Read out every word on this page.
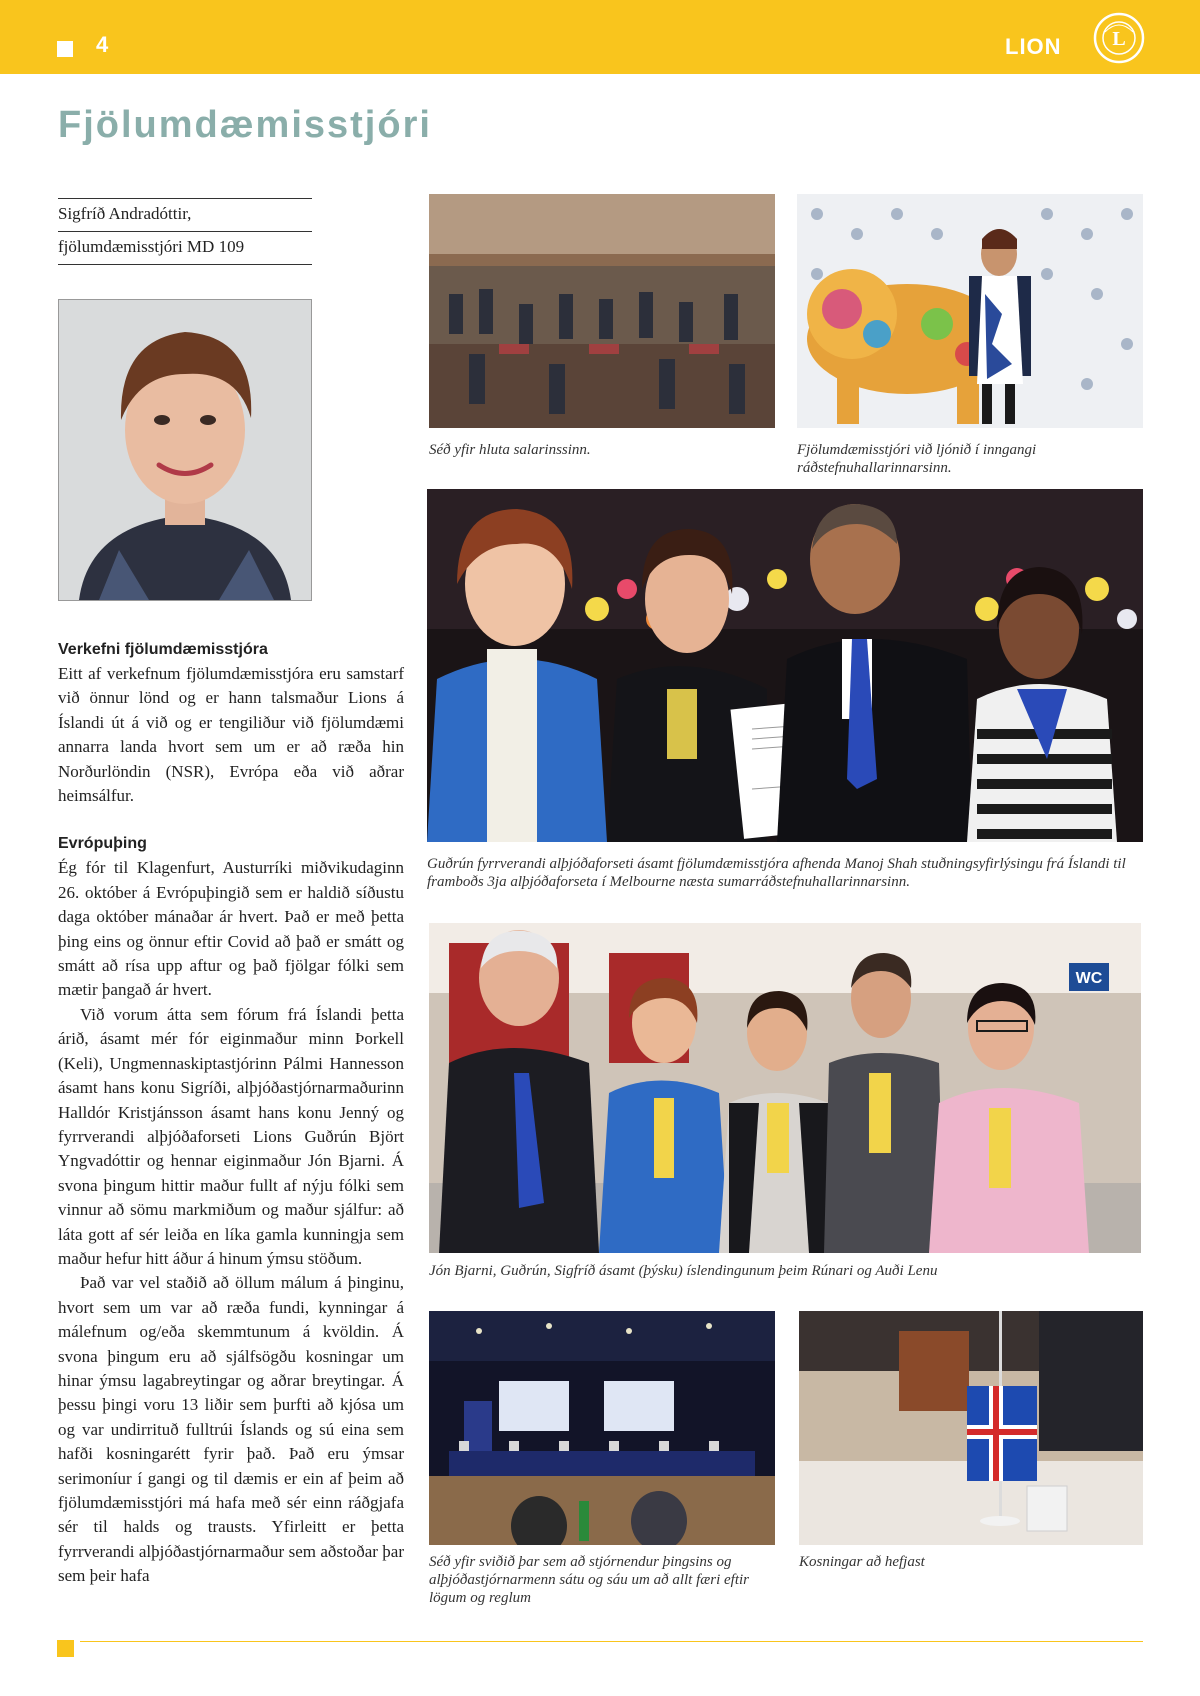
4	LION	L
Fjölumdæmisstjóri
Sigfríð Andradóttir,
fjölumdæmisstjóri MD 109
Verkefni fjölumdæmisstjóra

Eitt af verkefnum fjölumdæmisstjóra eru samstarf við önnur lönd og er hann talsmaður Lions á Íslandi út á við og er tengiliður við fjölumdæmi annarra landa hvort sem um er að ræða hin Norðurlöndin (NSR), Evrópa eða við aðrar heimsálfur.

Evrópuþing

Ég fór til Klagenfurt, Austurríki miðvikudaginn 26. október á Evrópuþingið sem er haldið síðustu daga október mánaðar ár hvert. Það er með þetta þing eins og önnur eftir Covid að það er smátt og smátt að rísa upp aftur og það fjölgar fólki sem mætir þangað ár hvert.

Við vorum átta sem fórum frá Íslandi þetta árið, ásamt mér fór eiginmaður minn Þorkell (Keli), Ungmennaskiptastjórinn Pálmi Hannesson ásamt hans konu Sigríði, alþjóðastjórnarmaðurinn Halldór Kristjánsson ásamt hans konu Jenný og fyrrverandi alþjóðaforseti Lions Guðrún Björt Yngvadóttir og hennar eiginmaður Jón Bjarni. Á svona þingum hittir maður fullt af nýju fólki sem vinnur að sömu markmiðum og maður sjálfur: að láta gott af sér leiða en líka gamla kunningja sem maður hefur hitt áður á hinum ýmsu stöðum.

Það var vel staðið að öllum málum á þinginu, hvort sem um var að ræða fundi, kynningar á málefnum og/eða skemmtunum á kvöldin. Á svona þingum eru að sjálfsögðu kosningar um hinar ýmsu lagabreytingar og aðrar breytingar. Á þessu þingi voru 13 liðir sem þurfti að kjósa um og var undirrituð fulltrúi Íslands og sú eina sem hafði kosningarétt fyrir það. Það eru ýmsar serimoníur í gangi og til dæmis er ein af þeim að fjölumdæmisstjóri má hafa með sér einn ráðgjafa sér til halds og trausts. Yfirleitt er þetta fyrrverandi alþjóðastjórnarmaður sem aðstoðar þar sem þeir hafa

Séð yfir hluta salarinssinn.	Fjölumdæmisstjóri við ljónið í inngangi ráðstefnuhallarinnarsinn.
Guðrún fyrrverandi alþjóðaforseti ásamt fjölumdæmisstjóra afhenda Manoj Shah stuðningsyfirlýsingu frá Íslandi til framboðs 3ja alþjóðaforseta í Melbourne næsta sumarráðstefnuhallarinnarsinn.
WC
Jón Bjarni, Guðrún, Sigfríð ásamt (þýsku) íslendingunum þeim Rúnari og Auði Lenu
Séð yfir sviðið þar sem að stjórnendur þingsins og alþjóðastjórnarmenn sátu og sáu um að allt færi eftir lögum og reglum
Kosningar að hefjast
